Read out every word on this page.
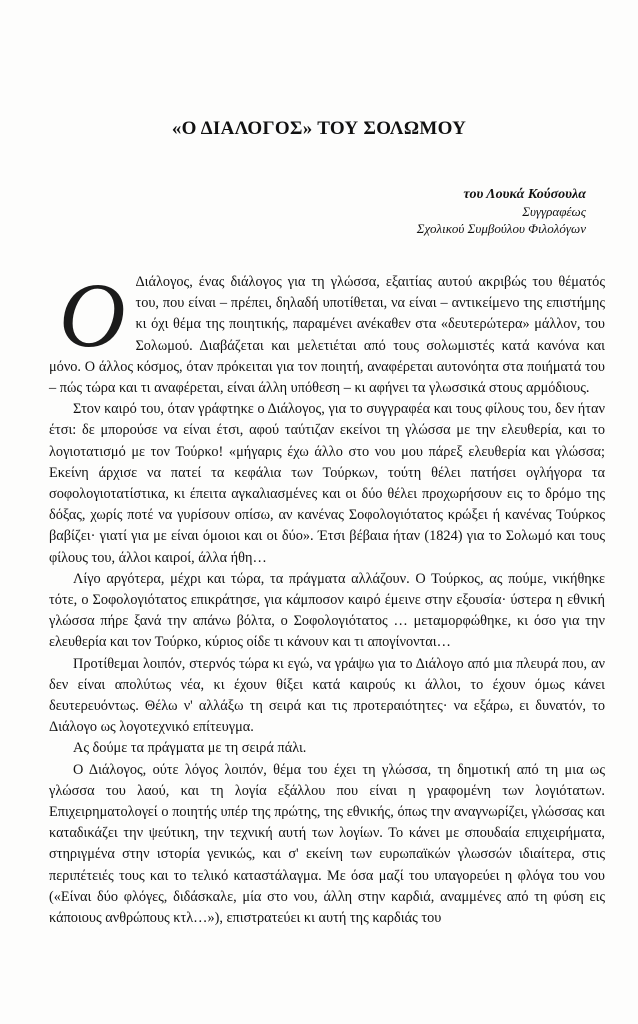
«Ο ΔΙΑΛΟΓΟΣ» ΤΟΥ ΣΟΛΩΜΟΥ
του Λουκά Κούσουλα
Συγγραφέως
Σχολικού Συμβούλου Φιλολόγων

Ο Διάλογος, ένας διάλογος για τη γλώσσα, εξαιτίας αυτού ακριβώς του θέματός του, που είναι – πρέπει, δηλαδή υποτίθεται, να είναι – αντικείμενο της επιστήμης κι όχι θέμα της ποιητικής, παραμένει ανέκαθεν στα «δευτερώτερα» μάλλον, του Σολωμού. Διαβάζεται και μελετιέται από τους σολωμιστές κατά κανόνα και μόνο. Ο άλλος κόσμος, όταν πρόκειται για τον ποιητή, αναφέρεται αυτονόητα στα ποιήματά του – πώς τώρα και τι αναφέρεται, είναι άλλη υπόθεση – κι αφήνει τα γλωσσικά στους αρμόδιους.

Στον καιρό του, όταν γράφτηκε ο Διάλογος, για το συγγραφέα και τους φίλους του, δεν ήταν έτσι: δε μπορούσε να είναι έτσι, αφού ταύτιζαν εκείνοι τη γλώσσα με την ελευθερία, και το λογιοτατισμό με τον Τούρκο! «μήγαρις έχω άλλο στο νου μου πάρεξ ελευθερία και γλώσσα; Εκείνη άρχισε να πατεί τα κεφάλια των Τούρκων, τούτη θέλει πατήσει ογλήγορα τα σοφολογιοτατίστικα, κι έπειτα αγκαλιασμένες και οι δύο θέλει προχωρήσουν εις το δρόμο της δόξας, χωρίς ποτέ να γυρίσουν οπίσω, αν κανένας Σοφολογιότατος κρώξει ή κανένας Τούρκος βαβίζει· γιατί για με είναι όμοιοι και οι δύο». Έτσι βέβαια ήταν (1824) για το Σολωμό και τους φίλους του, άλλοι καιροί, άλλα ήθη…

Λίγο αργότερα, μέχρι και τώρα, τα πράγματα αλλάζουν. Ο Τούρκος, ας πούμε, νικήθηκε τότε, ο Σοφολογιότατος επικράτησε, για κάμποσον καιρό έμεινε στην εξουσία· ύστερα η εθνική γλώσσα πήρε ξανά την απάνω βόλτα, ο Σοφολογιότατος … μεταμορφώθηκε, κι όσο για την ελευθερία και τον Τούρκο, κύριος οίδε τι κάνουν και τι απογίνονται…

Προτίθεμαι λοιπόν, στερνός τώρα κι εγώ, να γράψω για το Διάλογο από μια πλευρά που, αν δεν είναι απολύτως νέα, κι έχουν θίξει κατά καιρούς κι άλλοι, το έχουν όμως κάνει δευτερευόντως. Θέλω ν' αλλάξω τη σειρά και τις προτεραιότητες· να εξάρω, ει δυνατόν, το Διάλογο ως λογοτεχνικό επίτευγμα.

Ας δούμε τα πράγματα με τη σειρά πάλι.

Ο Διάλογος, ούτε λόγος λοιπόν, θέμα του έχει τη γλώσσα, τη δημοτική από τη μια ως γλώσσα του λαού, και τη λογία εξάλλου που είναι η γραφομένη των λογιότατων. Επιχειρηματολογεί ο ποιητής υπέρ της πρώτης, της εθνικής, όπως την αναγνωρίζει, γλώσσας και καταδικάζει την ψεύτικη, την τεχνική αυτή των λογίων. Το κάνει με σπουδαία επιχειρήματα, στηριγμένα στην ιστορία γενικώς, και σ' εκείνη των ευρωπαϊκών γλωσσών ιδιαίτερα, στις περιπέτειές τους και το τελικό καταστάλαγμα. Με όσα μαζί του υπαγορεύει η φλόγα του νου («Είναι δύο φλόγες, διδάσκαλε, μία στο νου, άλλη στην καρδιά, αναμμένες από τη φύση εις κάποιους ανθρώπους κτλ…»), επιστρατεύει κι αυτή της καρδιάς του
